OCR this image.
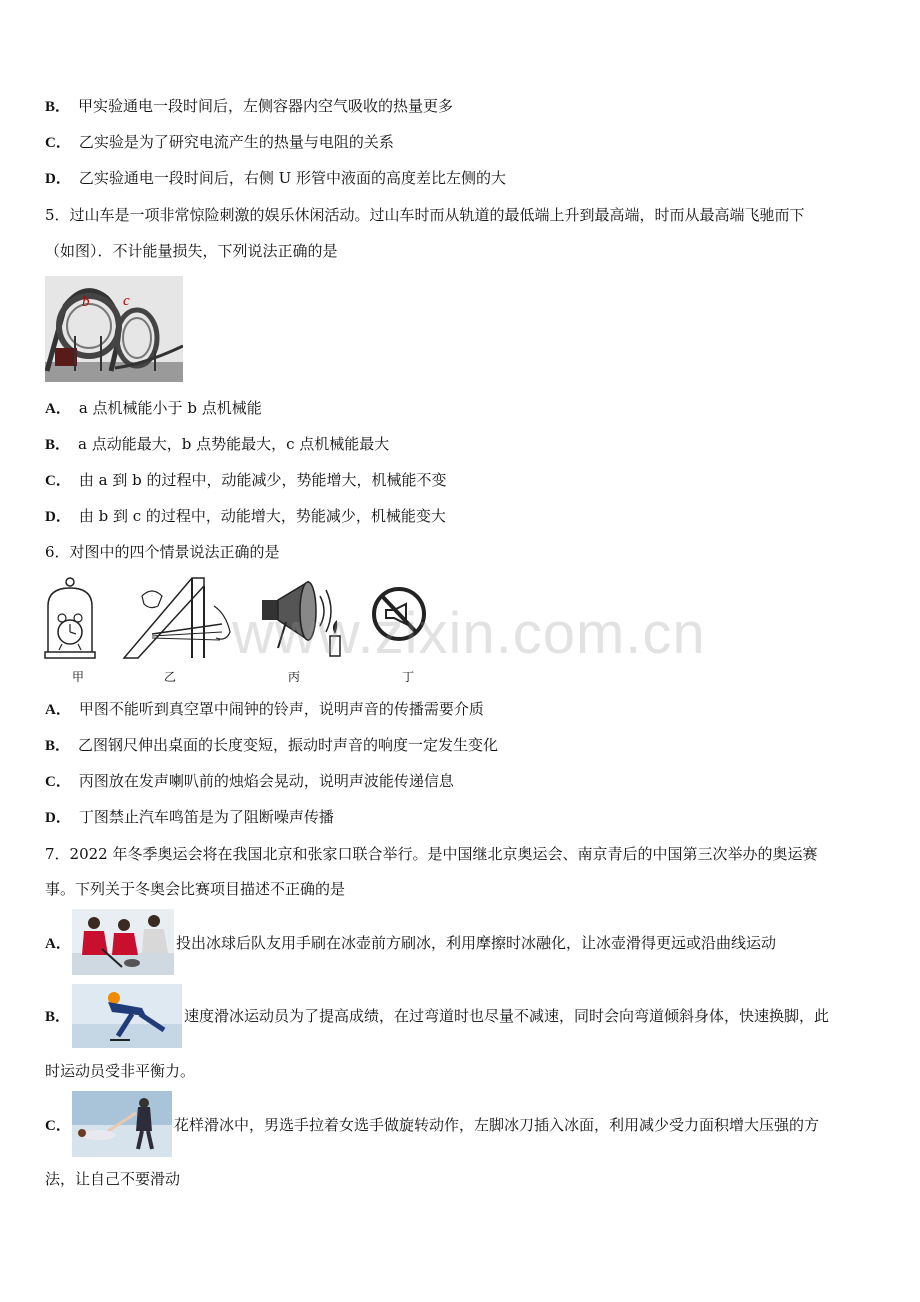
B． 甲实验通电一段时间后，左侧容器内空气吸收的热量更多
C． 乙实验是为了研究电流产生的热量与电阻的关系
D． 乙实验通电一段时间后，右侧 U 形管中液面的高度差比左侧的大
5．过山车是一项非常惊险刺激的娱乐休闲活动。过山车时而从轨道的最低端上升到最高端，时而从最高端飞驰而下
（如图）．不计能量损失，下列说法正确的是
b c
A． a 点机械能小于 b 点机械能
B． a 点动能最大，b 点势能最大，c 点机械能最大
C． 由 a 到 b 的过程中，动能减少，势能增大，机械能不变
D． 由 b 到 c 的过程中，动能增大，势能减少，机械能变大
6．对图中的四个情景说法正确的是
甲	乙	丙	丁
www.zixin.com.cn
A． 甲图不能听到真空罩中闹钟的铃声，说明声音的传播需要介质
B． 乙图钢尺伸出桌面的长度变短，振动时声音的响度一定发生变化
C． 丙图放在发声喇叭前的烛焰会晃动，说明声波能传递信息
D． 丁图禁止汽车鸣笛是为了阻断噪声传播
7．2022 年冬季奥运会将在我国北京和张家口联合举行。是中国继北京奥运会、南京青后的中国第三次举办的奥运赛
事。下列关于冬奥会比赛项目描述不正确的是
A．	投出冰球后队友用手刷在冰壶前方刷冰，利用摩擦时冰融化，让冰壶滑得更远或沿曲线运动
B．	速度滑冰运动员为了提高成绩，在过弯道时也尽量不减速，同时会向弯道倾斜身体，快速换脚，此
时运动员受非平衡力。
C．	花样滑冰中，男选手拉着女选手做旋转动作，左脚冰刀插入冰面，利用减少受力面积增大压强的方
法，让自己不要滑动
